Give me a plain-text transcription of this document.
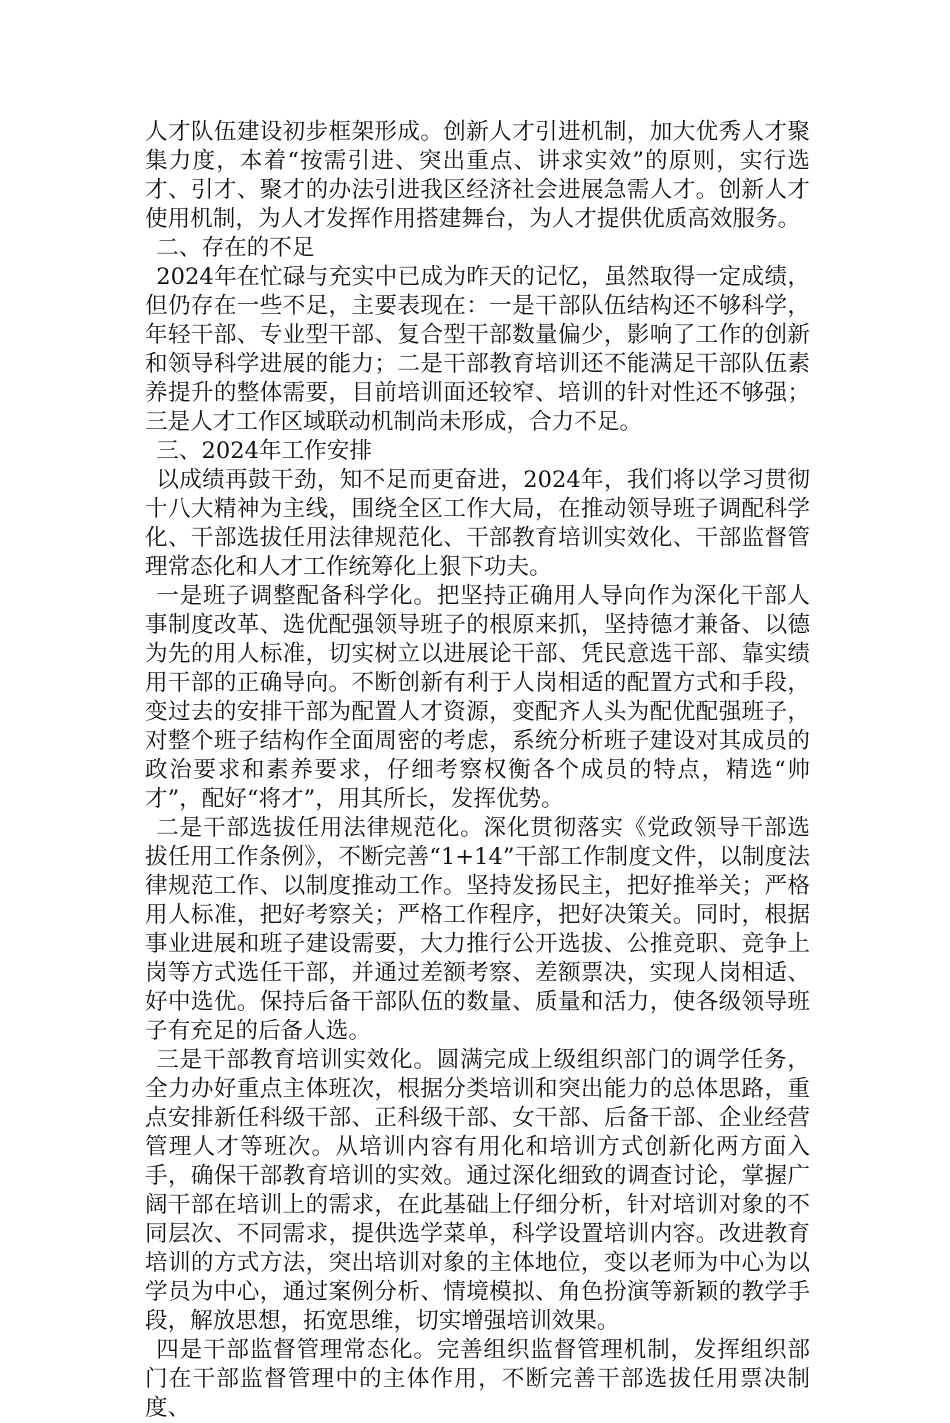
人才队伍建设初步框架形成。创新人才引进机制，加大优秀人才聚集力度，本着“按需引进、突出重点、讲求实效”的原则，实行选才、引才、聚才的办法引进我区经济社会进展急需人才。创新人才使用机制，为人才发挥作用搭建舞台，为人才提供优质高效服务。

二、存在的不足

2024年在忙碌与充实中已成为昨天的记忆，虽然取得一定成绩，但仍存在一些不足，主要表现在：一是干部队伍结构还不够科学，年轻干部、专业型干部、复合型干部数量偏少，影响了工作的创新和领导科学进展的能力；二是干部教育培训还不能满足干部队伍素养提升的整体需要，目前培训面还较窄、培训的针对性还不够强；三是人才工作区域联动机制尚未形成，合力不足。

三、2024年工作安排

以成绩再鼓干劲，知不足而更奋进，2024年，我们将以学习贯彻十八大精神为主线，围绕全区工作大局，在推动领导班子调配科学化、干部选拔任用法律规范化、干部教育培训实效化、干部监督管理常态化和人才工作统筹化上狠下功夫。

一是班子调整配备科学化。把坚持正确用人导向作为深化干部人事制度改革、选优配强领导班子的根原来抓，坚持德才兼备、以德为先的用人标准，切实树立以进展论干部、凭民意选干部、靠实绩用干部的正确导向。不断创新有利于人岗相适的配置方式和手段，变过去的安排干部为配置人才资源，变配齐人头为配优配强班子，对整个班子结构作全面周密的考虑，系统分析班子建设对其成员的政治要求和素养要求，仔细考察权衡各个成员的特点，精选“帅才”，配好“将才”，用其所长，发挥优势。

二是干部选拔任用法律规范化。深化贯彻落实《党政领导干部选拔任用工作条例》，不断完善“1+14”干部工作制度文件，以制度法律规范工作、以制度推动工作。坚持发扬民主，把好推举关；严格用人标准，把好考察关；严格工作程序，把好决策关。同时，根据事业进展和班子建设需要，大力推行公开选拔、公推竞职、竞争上岗等方式选任干部，并通过差额考察、差额票决，实现人岗相适、好中选优。保持后备干部队伍的数量、质量和活力，使各级领导班子有充足的后备人选。

三是干部教育培训实效化。圆满完成上级组织部门的调学任务，全力办好重点主体班次，根据分类培训和突出能力的总体思路，重点安排新任科级干部、正科级干部、女干部、后备干部、企业经营管理人才等班次。从培训内容有用化和培训方式创新化两方面入手，确保干部教育培训的实效。通过深化细致的调查讨论，掌握广阔干部在培训上的需求，在此基础上仔细分析，针对培训对象的不同层次、不同需求，提供选学菜单，科学设置培训内容。改进教育培训的方式方法，突出培训对象的主体地位，变以老师为中心为以学员为中心，通过案例分析、情境模拟、角色扮演等新颖的教学手段，解放思想，拓宽思维，切实增强培训效果。

四是干部监督管理常态化。完善组织监督管理机制，发挥组织部门在干部监督管理中的主体作用，不断完善干部选拔任用票决制度、
